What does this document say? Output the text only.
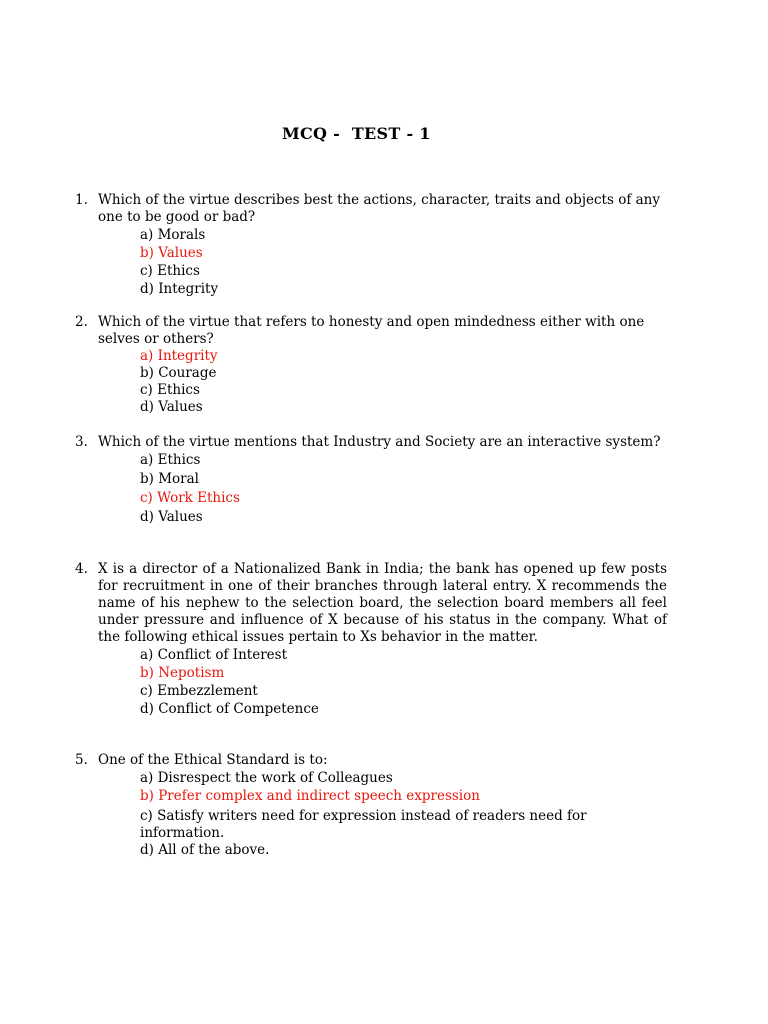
MCQ -  TEST - 1
1. Which of the virtue describes best the actions, character, traits and objects of any one to be good or bad?
a) Morals
b) Values
c) Ethics
d) Integrity
2. Which of the virtue that refers to honesty and open mindedness either with one selves or others?
a) Integrity
b) Courage
c) Ethics
d) Values
3. Which of the virtue mentions that Industry and Society are an interactive system?
a) Ethics
b) Moral
c) Work Ethics
d) Values
4. X is a director of a Nationalized Bank in India; the bank has opened up few posts for recruitment in one of their branches through lateral entry. X recommends the name of his nephew to the selection board, the selection board members all feel under pressure and influence of X because of his status in the company. What of the following ethical issues pertain to Xs behavior in the matter.
a) Conflict of Interest
b) Nepotism
c) Embezzlement
d) Conflict of Competence
5. One of the Ethical Standard is to:
a) Disrespect the work of Colleagues
b) Prefer complex and indirect speech expression
c) Satisfy writers need for expression instead of readers need for information.
d) All of the above.
